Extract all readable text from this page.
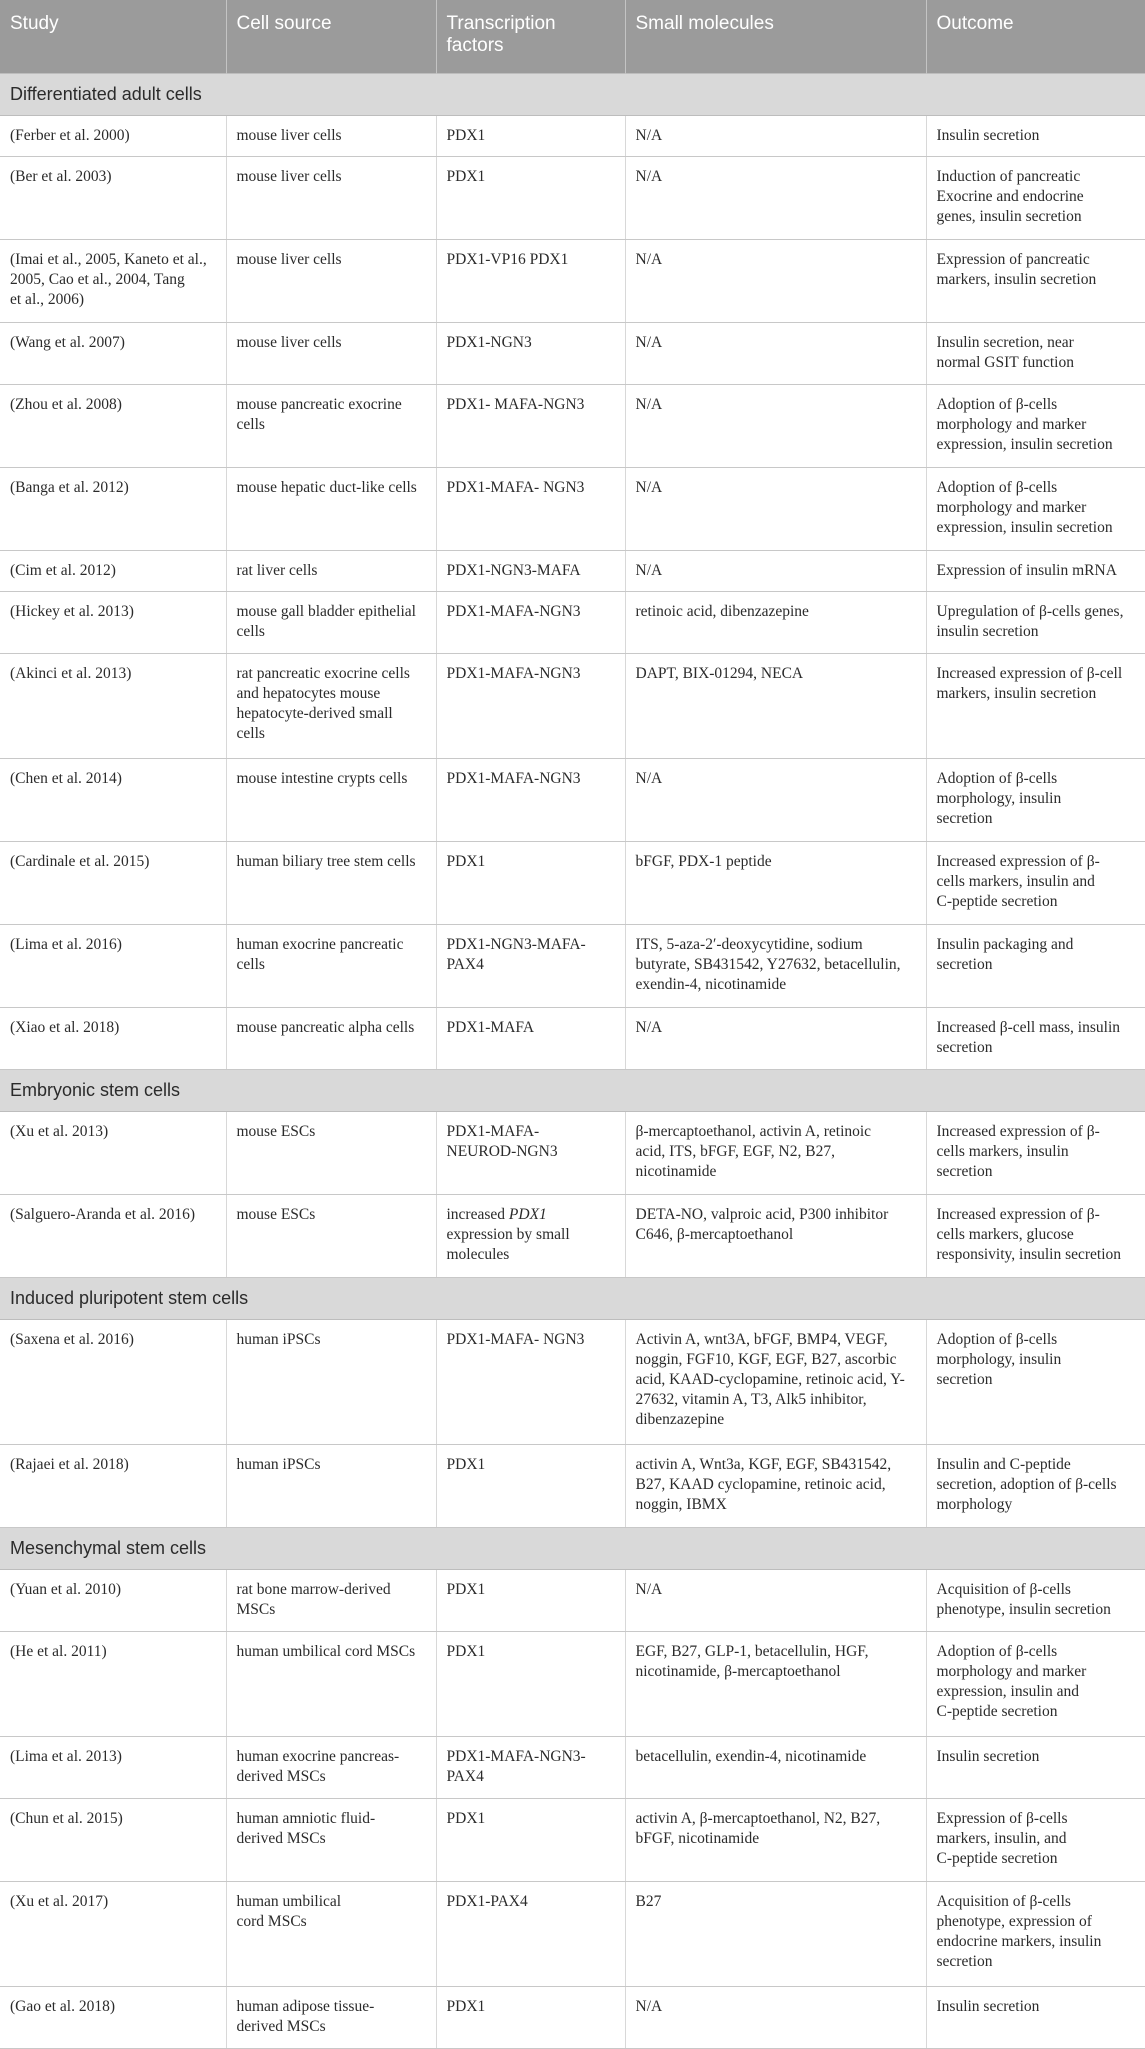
Study	Cell source	Transcription factors	Small molecules	Outcome
Differentiated adult cells				

(Ferber et al. 2000)	mouse liver cells	PDX1	N/A	Insulin secretion

(Ber et al. 2003)	mouse liver cells	PDX1	N/A	Induction of pancreatic
Exocrine and endocrine
genes, insulin secretion

(Imai et al., 2005, Kaneto et al.,
2005, Cao et al., 2004, Tang
et al., 2006)	mouse liver cells	PDX1-VP16 PDX1	N/A	Expression of pancreatic
markers, insulin secretion

(Wang et al. 2007)	mouse liver cells	PDX1-NGN3	N/A	Insulin secretion, near
normal GSIT function

(Zhou et al. 2008)	mouse pancreatic exocrine
cells	PDX1- MAFA-NGN3	N/A	Adoption of β-cells
morphology and marker
expression, insulin secretion

(Banga et al. 2012)	mouse hepatic duct-like cells	PDX1-MAFA- NGN3	N/A	Adoption of β-cells
morphology and marker
expression, insulin secretion

(Cim et al. 2012)	rat liver cells	PDX1-NGN3-MAFA	N/A	Expression of insulin mRNA

(Hickey et al. 2013)	mouse gall bladder epithelial
cells	PDX1-MAFA-NGN3	retinoic acid, dibenzazepine	Upregulation of β-cells genes,
insulin secretion

(Akinci et al. 2013)	rat pancreatic exocrine cells
and hepatocytes mouse
hepatocyte-derived small
cells	PDX1-MAFA-NGN3	DAPT, BIX-01294, NECA	Increased expression of β-cell
markers, insulin secretion

(Chen et al. 2014)	mouse intestine crypts cells	PDX1-MAFA-NGN3	N/A	Adoption of β-cells
morphology, insulin
secretion

(Cardinale et al. 2015)	human biliary tree stem cells	PDX1	bFGF, PDX-1 peptide	Increased expression of β-
cells markers, insulin and
C-peptide secretion

(Lima et al. 2016)	human exocrine pancreatic
cells	PDX1-NGN3-MAFA-
PAX4	ITS, 5-aza-2′-deoxycytidine, sodium
butyrate, SB431542, Y27632, betacellulin,
exendin-4, nicotinamide	Insulin packaging and
secretion

(Xiao et al. 2018)	mouse pancreatic alpha cells	PDX1-MAFA	N/A	Increased β-cell mass, insulin
secretion

Embryonic stem cells				

(Xu et al. 2013)	mouse ESCs	PDX1-MAFA-
NEUROD-NGN3	β-mercaptoethanol, activin A, retinoic
acid, ITS, bFGF, EGF, N2, B27,
nicotinamide	Increased expression of β-
cells markers, insulin
secretion

(Salguero-Aranda et al. 2016)	mouse ESCs	increased PDX1
expression by small
molecules	DETA-NO, valproic acid, P300 inhibitor
C646, β-mercaptoethanol	Increased expression of β-
cells markers, glucose
responsivity, insulin secretion

Induced pluripotent stem cells				

(Saxena et al. 2016)	human iPSCs	PDX1-MAFA- NGN3	Activin A, wnt3A, bFGF, BMP4, VEGF,
noggin, FGF10, KGF, EGF, B27, ascorbic
acid, KAAD-cyclopamine, retinoic acid, Y-
27632, vitamin A, T3, Alk5 inhibitor,
dibenzazepine	Adoption of β-cells
morphology, insulin
secretion

(Rajaei et al. 2018)	human iPSCs	PDX1	activin A, Wnt3a, KGF, EGF, SB431542,
B27, KAAD cyclopamine, retinoic acid,
noggin, IBMX	Insulin and C-peptide
secretion, adoption of β-cells
morphology

Mesenchymal stem cells				

(Yuan et al. 2010)	rat bone marrow-derived
MSCs	PDX1	N/A	Acquisition of β-cells
phenotype, insulin secretion

(He et al. 2011)	human umbilical cord MSCs	PDX1	EGF, B27, GLP-1, betacellulin, HGF,
nicotinamide, β-mercaptoethanol	Adoption of β-cells
morphology and marker
expression, insulin and
C-peptide secretion

(Lima et al. 2013)	human exocrine pancreas-
derived MSCs	PDX1-MAFA-NGN3-
PAX4	betacellulin, exendin-4, nicotinamide	Insulin secretion

(Chun et al. 2015)	human amniotic fluid-
derived MSCs	PDX1	activin A, β-mercaptoethanol, N2, B27,
bFGF, nicotinamide	Expression of β-cells
markers, insulin, and
C-peptide secretion

(Xu et al. 2017)	human umbilical
cord MSCs	PDX1-PAX4	B27	Acquisition of β-cells
phenotype, expression of
endocrine markers, insulin
secretion

(Gao et al. 2018)	human adipose tissue-
derived MSCs	PDX1	N/A	Insulin secretion
